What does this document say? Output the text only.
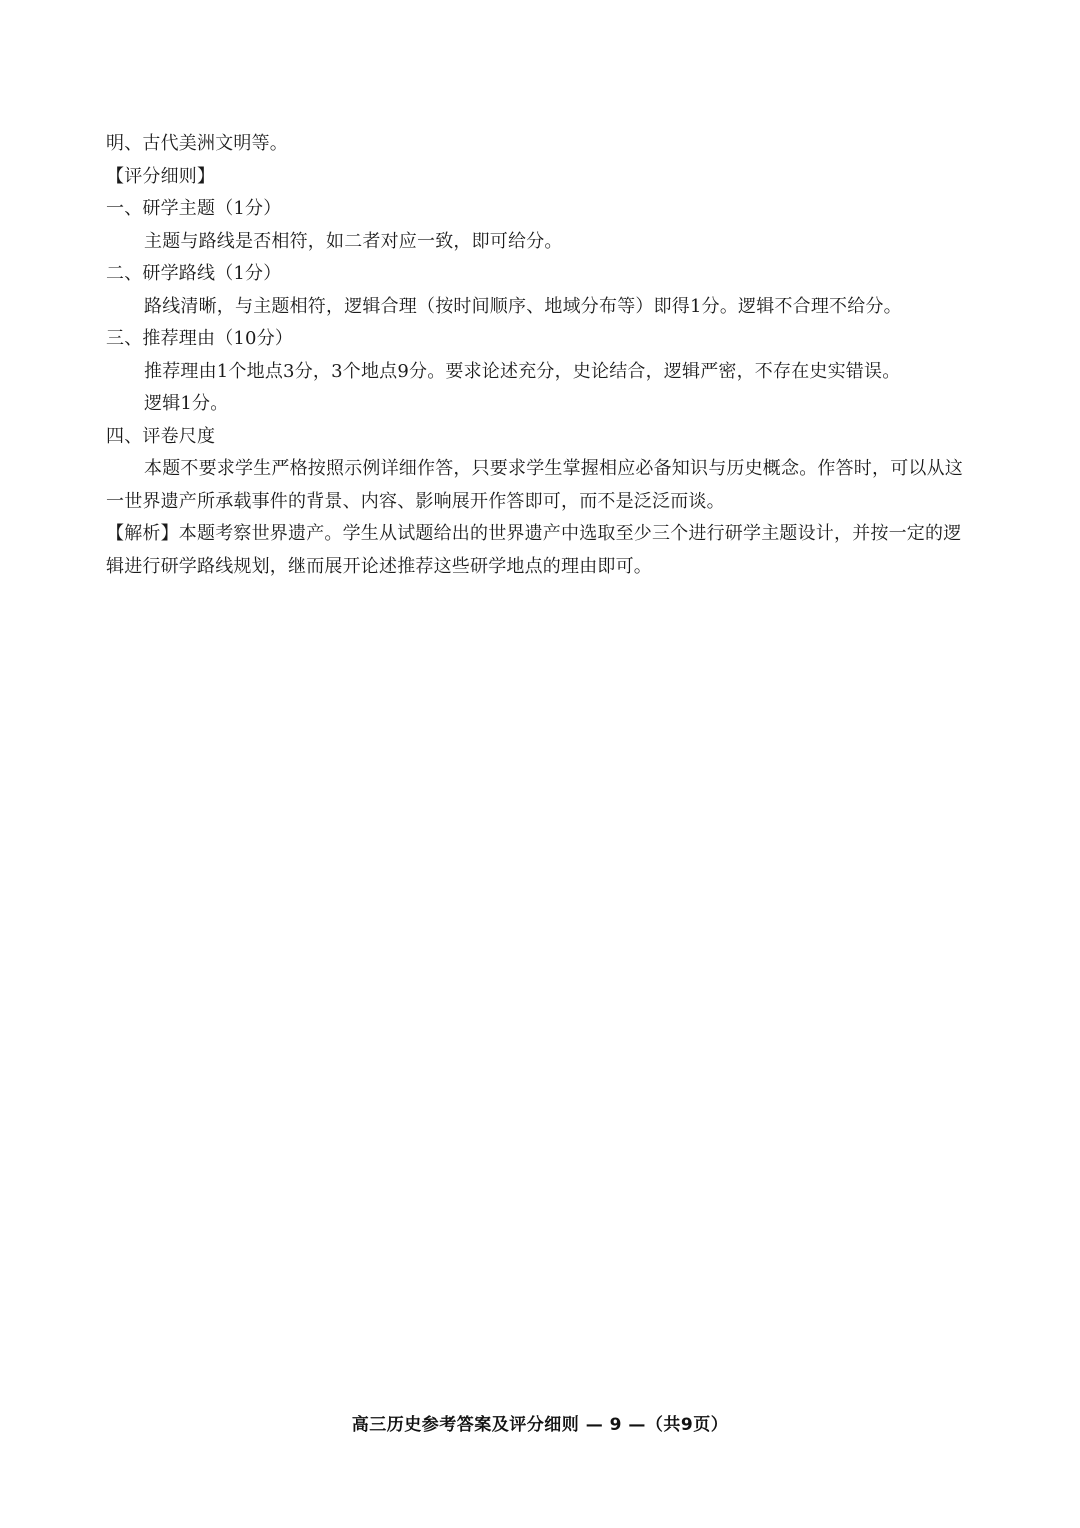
明、古代美洲文明等。
【评分细则】
一、研学主题（1分）
主题与路线是否相符，如二者对应一致，即可给分。
二、研学路线（1分）
路线清晰，与主题相符，逻辑合理（按时间顺序、地域分布等）即得1分。逻辑不合理不给分。
三、推荐理由（10分）
推荐理由1个地点3分，3个地点9分。要求论述充分，史论结合，逻辑严密，不存在史实错误。
逻辑1分。
四、评卷尺度
本题不要求学生严格按照示例详细作答，只要求学生掌握相应必备知识与历史概念。作答时，可以从这一世界遗产所承载事件的背景、内容、影响展开作答即可，而不是泛泛而谈。
【解析】本题考察世界遗产。学生从试题给出的世界遗产中选取至少三个进行研学主题设计，并按一定的逻辑进行研学路线规划，继而展开论述推荐这些研学地点的理由即可。
高三历史参考答案及评分细则 — 9 —（共9页）
